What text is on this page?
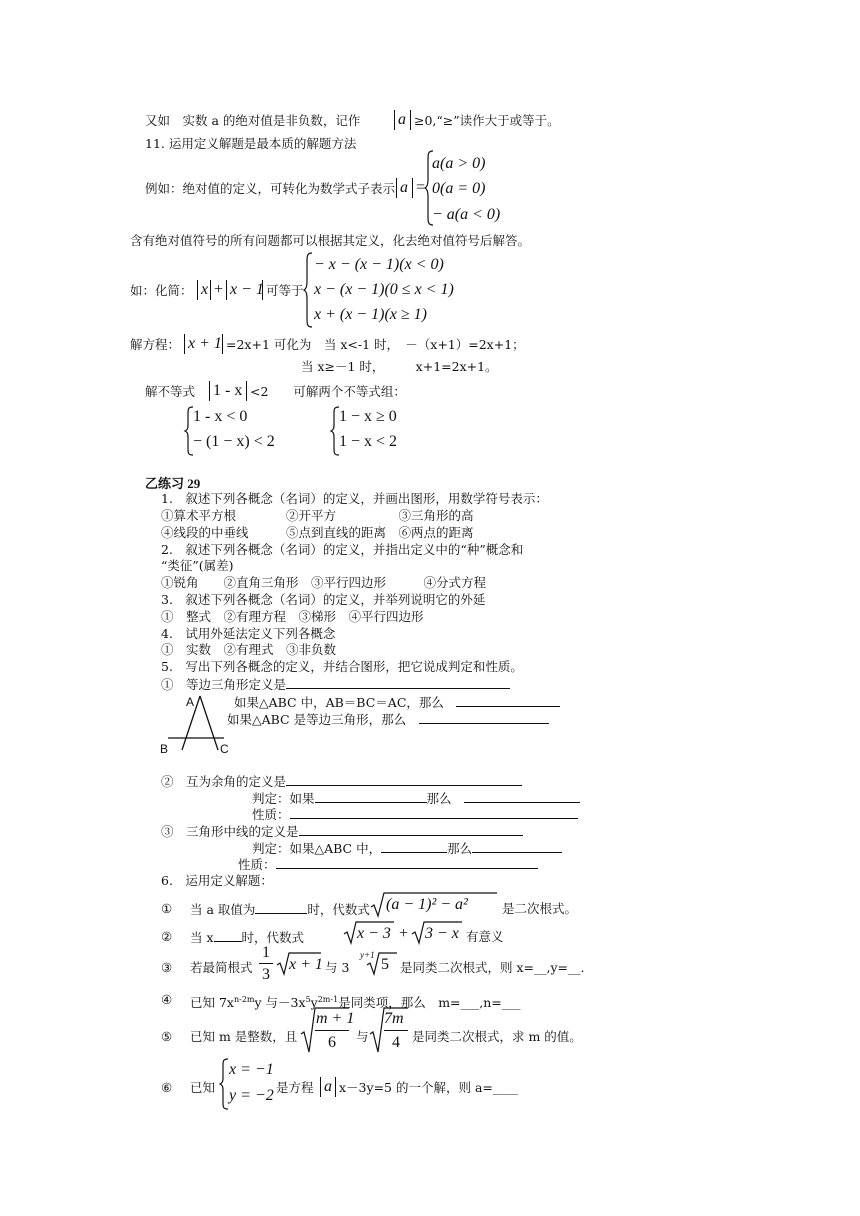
又如　实数 a 的绝对值是非负数，记作 a ≥0,“≥”读作大于或等于。
11. 运用定义解题是最本质的解题方法
例如：绝对值的定义，可转化为数学式子表示 a =
a(a > 0)
0(a = 0)
− a(a < 0)
含有绝对值符号的所有问题都可以根据其定义，化去绝对值符号后解答。
如：化简： x + x − 1 可等于
− x − (x − 1)(x < 0)
x − (x − 1)(0 ≤ x < 1)
x + (x − 1)(x ≥ 1)
解方程： x + 1 =2x+1 可化为　当 x<-1 时，　－（x+1）=2x+1；
当 x≥－1 时，　　　x+1=2x+1。
解不等式 1 - x <2　　可解两个不等式组：
1 - x < 0
− (1 − x) < 2
1 − x ≥ 0
1 − x < 2
乙练习 29
1.　叙述下列各概念（名词）的定义，并画出图形，用数学符号表示：
①算术平方根　　　　②开平方　　　　　③三角形的高
④线段的中垂线　　　⑤点到直线的距离　⑥两点的距离
2.　叙述下列各概念（名词）的定义，并指出定义中的“种”概念和
“类征”(属差)
①锐角　　②直角三角形　③平行四边形　　　④分式方程
3.　叙述下列各概念（名词）的定义，并举列说明它的外延
①　整式　②有理方程　③梯形　④平行四边形
4.　试用外延法定义下列各概念
①　实数　②有理式　③非负数
5.　写出下列各概念的定义，并结合图形，把它说成判定和性质。
①　等边三角形定义是
如果△ABC 中，AB＝BC＝AC，那么　
如果△ABC 是等边三角形，那么　
A
B	C
②　互为余角的定义是
判定：如果	那么　
性质：
③　三角形中线的定义是
判定：如果△ABC 中，	那么
性质：
6.　运用定义解题：
① 当 a 取值为	时，代数式 (a − 1)² − a²	是二次根式。
② 当 x 时，代数式	x − 3 + 3 − x 有意义
③ 若最简根式
1
3
x + 1 与 3
y+1
5 是同类二次根式，则 x=__,y=__.
④ 已知 $7x^{n-2m}y$ 与$-3x^5y^{2m-1}$是同类项，那么　m=___,n=___
⑤ 已知 m 是整数，且
m + 1
6 与
7m
4 是同类二次根式，求 m 的值。
⑥ 已知
x = −1
y = −2 是方程 a x－3y=5 的一个解，则 a=____
